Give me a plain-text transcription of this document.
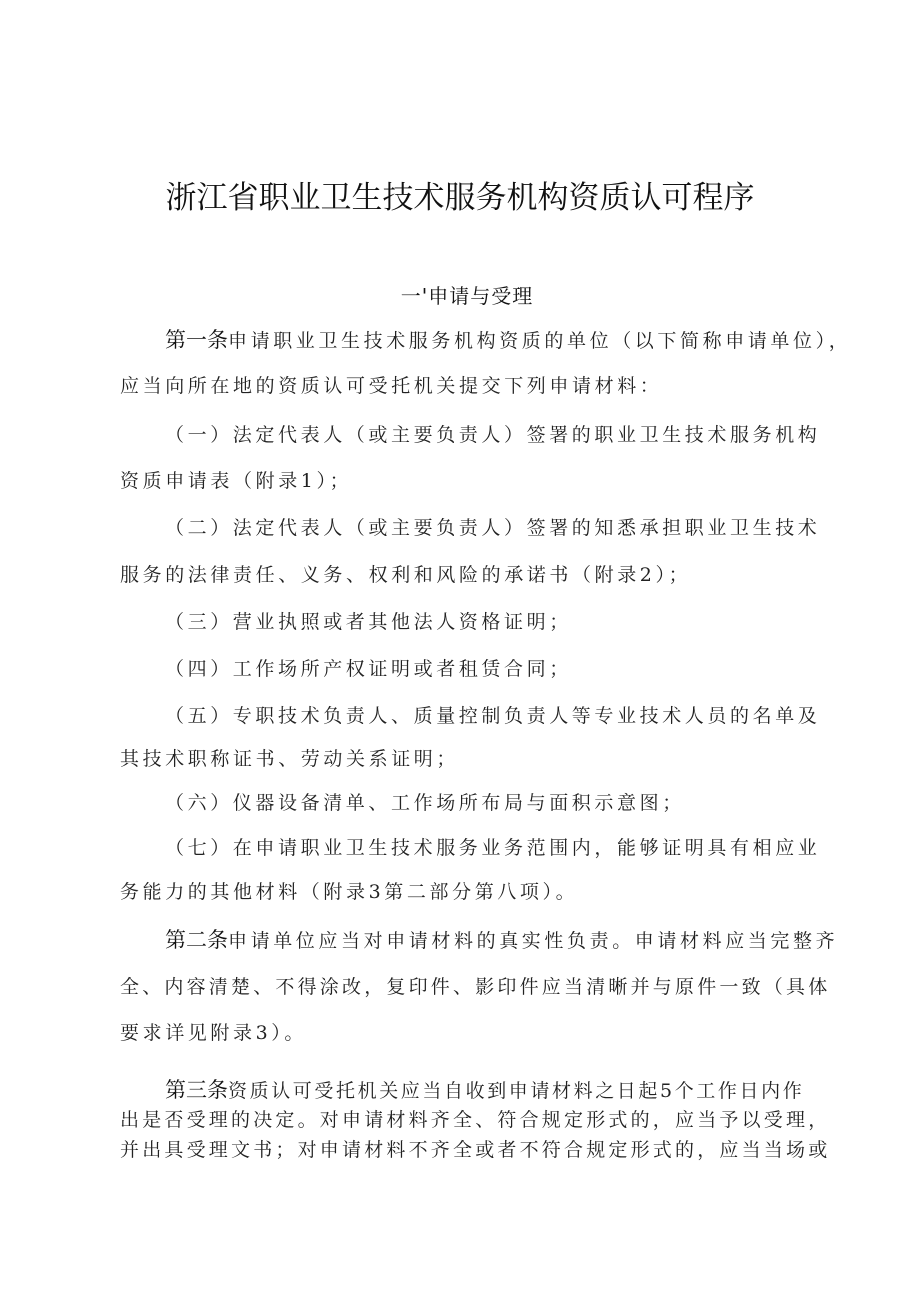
浙江省职业卫生技术服务机构资质认可程序
一'申请与受理
第一条申请职业卫生技术服务机构资质的单位（以下简称申请单位），
应当向所在地的资质认可受托机关提交下列申请材料：
（一）法定代表人（或主要负责人）签署的职业卫生技术服务机构
资质申请表（附录1）；
（二）法定代表人（或主要负责人）签署的知悉承担职业卫生技术
服务的法律责任、义务、权利和风险的承诺书（附录2）；
（三）营业执照或者其他法人资格证明；
（四）工作场所产权证明或者租赁合同；
（五）专职技术负责人、质量控制负责人等专业技术人员的名单及
其技术职称证书、劳动关系证明；
（六）仪器设备清单、工作场所布局与面积示意图；
（七）在申请职业卫生技术服务业务范围内，能够证明具有相应业
务能力的其他材料（附录3第二部分第八项）。
第二条申请单位应当对申请材料的真实性负责。申请材料应当完整齐
全、内容清楚、不得涂改，复印件、影印件应当清晰并与原件一致（具体
要求详见附录3）。
第三条资质认可受托机关应当自收到申请材料之日起5个工作日内作
出是否受理的决定。对申请材料齐全、符合规定形式的，应当予以受理，
并出具受理文书；对申请材料不齐全或者不符合规定形式的，应当当场或
